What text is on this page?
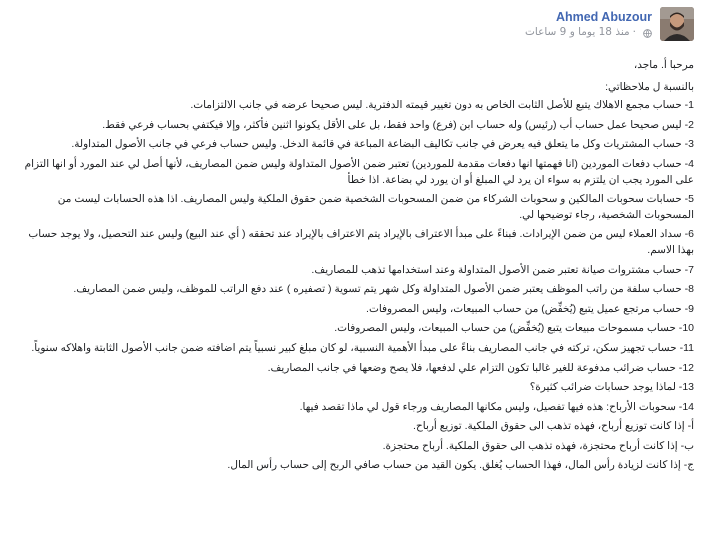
Ahmed Abuzour
·
منذ 18 يوما و 9 ساعات

مرحبا أ. ماجد،

بالنسبة ل ملاحظاتي:

1- حساب مجمع الاهلاك يتبع للأصل الثابت الخاص به دون تغيير قيمته الدفترية. ليس صحيحا عرضه في جانب الالتزامات.

2- ليس صحيحا عمل حساب أب (رئيس) وله حساب ابن (فرع) واحد فقط، بل على الأقل يكونوا اثنين فأكثر، وإلا فيكتفي بحساب فرعي فقط.

3- حساب المشتريات وكل ما يتعلق فيه يعرض في جانب تكاليف البضاعة المباعة في قائمة الدخل. وليس حساب فرعي في جانب الأصول المتداولة.

4- حساب دفعات الموردين (انا فهمتها انها دفعات مقدمة للموردين) تعتبر ضمن الأصول المتداولة وليس ضمن المصاريف، لأنها أصل لي عند المورد أو انها التزام على المورد يجب ان يلتزم به سواء ان يرد لي المبلغ أو ان يورد لي بضاعة. اذا خطأ

5- حسابات سحوبات المالكين و سحوبات الشركاء من ضمن المسحوبات الشخصية ضمن حقوق الملكية وليس المصاريف. اذا هذه الحسابات ليست من المسحوبات الشخصية، رجاء توضيحها لي.

6- سداد العملاء ليس من ضمن الإيرادات. فبناءً على مبدأ الاعتراف بالإيراد يتم الاعتراف بالإيراد عند تحققه ( أي عند البيع) وليس عند التحصيل، ولا يوجد حساب بهذا الاسم.

7- حساب مشتروات صيانة تعتبر ضمن الأصول المتداولة وعند استخدامها تذهب للمصاريف.

8- حساب سلفة من راتب الموظف يعتبر ضمن الأصول المتداولة وكل شهر يتم تسوية ( تصفيره ) عند دفع الراتب للموظف، وليس ضمن المصاريف.

9- حساب مرتجع عميل يتبع (يُخفِّض) من حساب المبيعات، وليس المصروفات.

10- حساب مسموحات مبيعات يتبع (يُخفِّض) من حساب المبيعات، وليس المصروفات.

11- حساب تجهيز سكن، تركته في جانب المصاريف بناءً على مبدأ الأهمية النسبية، لو كان مبلغ كبير نسبياً يتم اضافته ضمن جانب الأصول الثابتة واهلاكه سنوياً.

12- حساب ضرائب مدفوعة للغير غالبا تكون التزام علي لدفعها، فلا يصح وضعها في جانب المصاريف.

13- لماذا يوجد حسابات ضرائب كثيرة؟

14- سحوبات الأرباح: هذه فيها تفصيل، وليس مكانها المصاريف ورجاء قول لي ماذا تقصد فيها.

أ- إذا كانت توزيع أرباح، فهذه تذهب الى حقوق الملكية. توزيع أرباح.

ب- إذا كانت أرباح محتجزة، فهذه تذهب الى حقوق الملكية. أرباح محتجزة.

ج- إذا كانت لزيادة رأس المال، فهذا الحساب يُغلق. يكون القيد من حساب صافي الربح إلى حساب رأس المال.
